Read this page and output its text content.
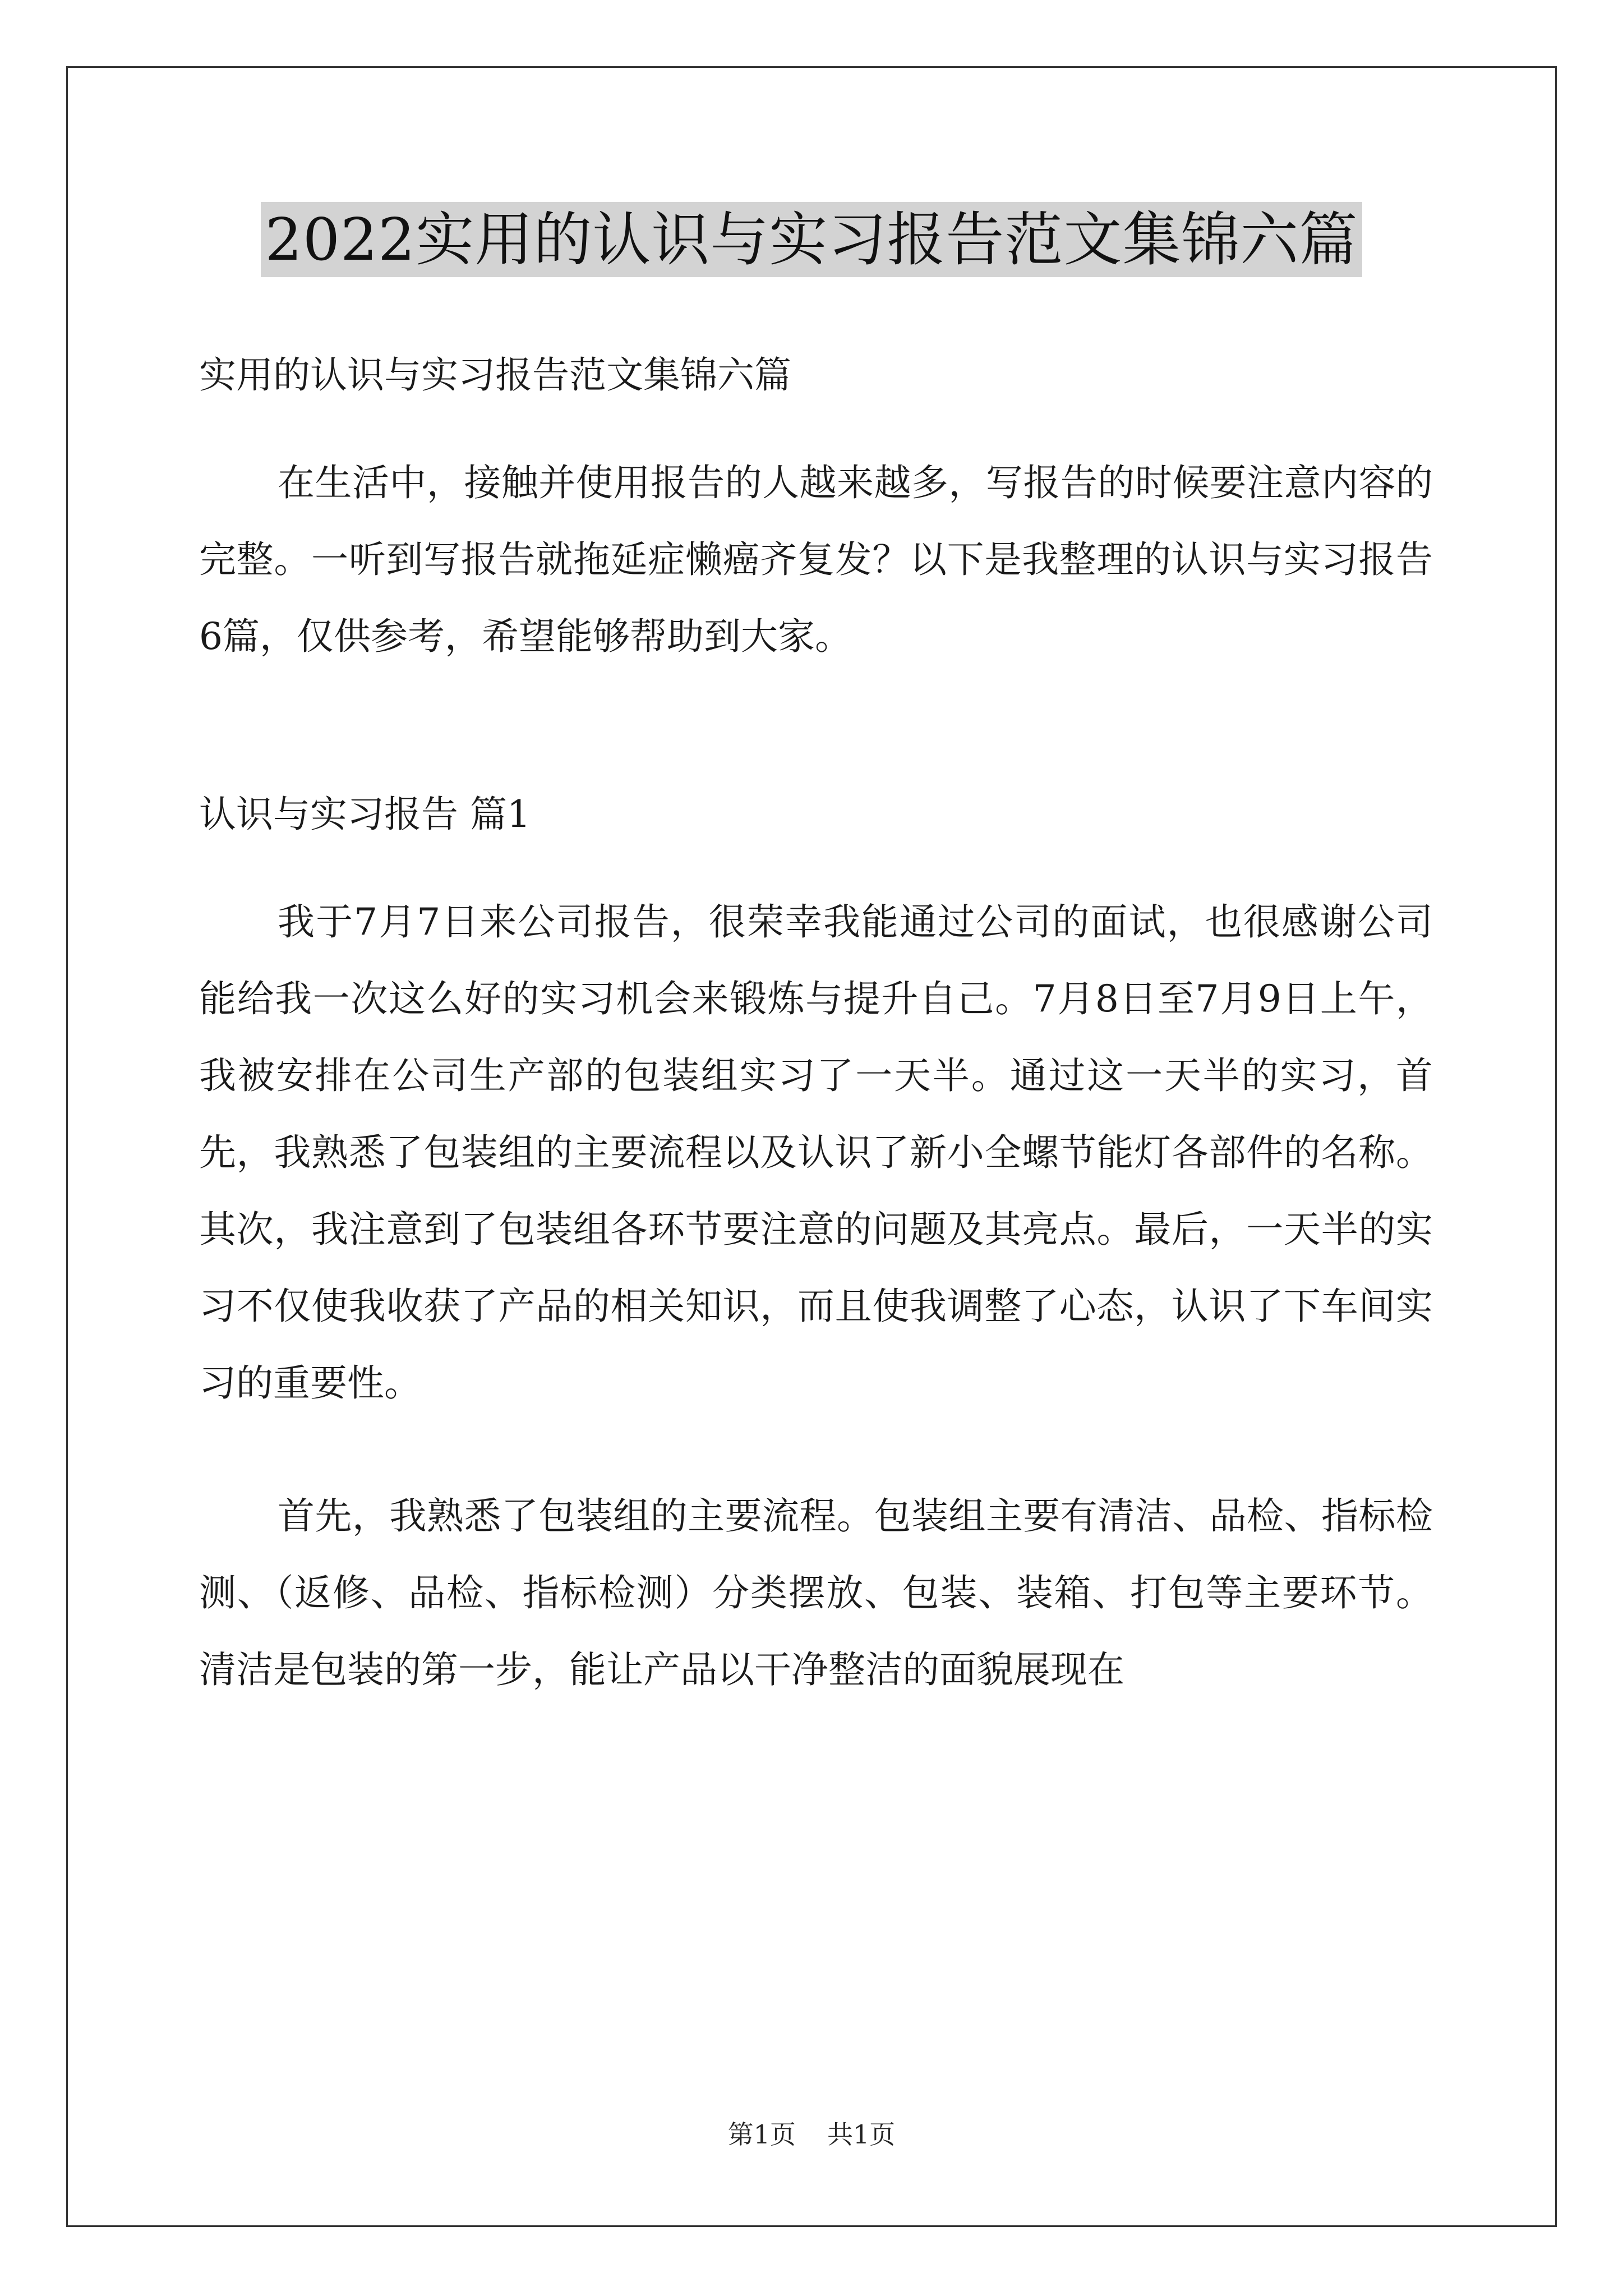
2022实用的认识与实习报告范文集锦六篇

实用的认识与实习报告范文集锦六篇

在生活中，接触并使用报告的人越来越多，写报告的时候要注意内容的完整。一听到写报告就拖延症懒癌齐复发？以下是我整理的认识与实习报告6篇，仅供参考，希望能够帮助到大家。

认识与实习报告 篇1

我于7月7日来公司报告，很荣幸我能通过公司的面试，也很感谢公司能给我一次这么好的实习机会来锻炼与提升自己。7月8日至7月9日上午，我被安排在公司生产部的包装组实习了一天半。通过这一天半的实习，首先，我熟悉了包装组的主要流程以及认识了新小全螺节能灯各部件的名称。其次，我注意到了包装组各环节要注意的问题及其亮点。最后，一天半的实习不仅使我收获了产品的相关知识，而且使我调整了心态，认识了下车间实习的重要性。

首先，我熟悉了包装组的主要流程。包装组主要有清洁、品检、指标检测、（返修、品检、指标检测）分类摆放、包装、装箱、打包等主要环节。清洁是包装的第一步，能让产品以干净整洁的面貌展现在

第1页 共1页
